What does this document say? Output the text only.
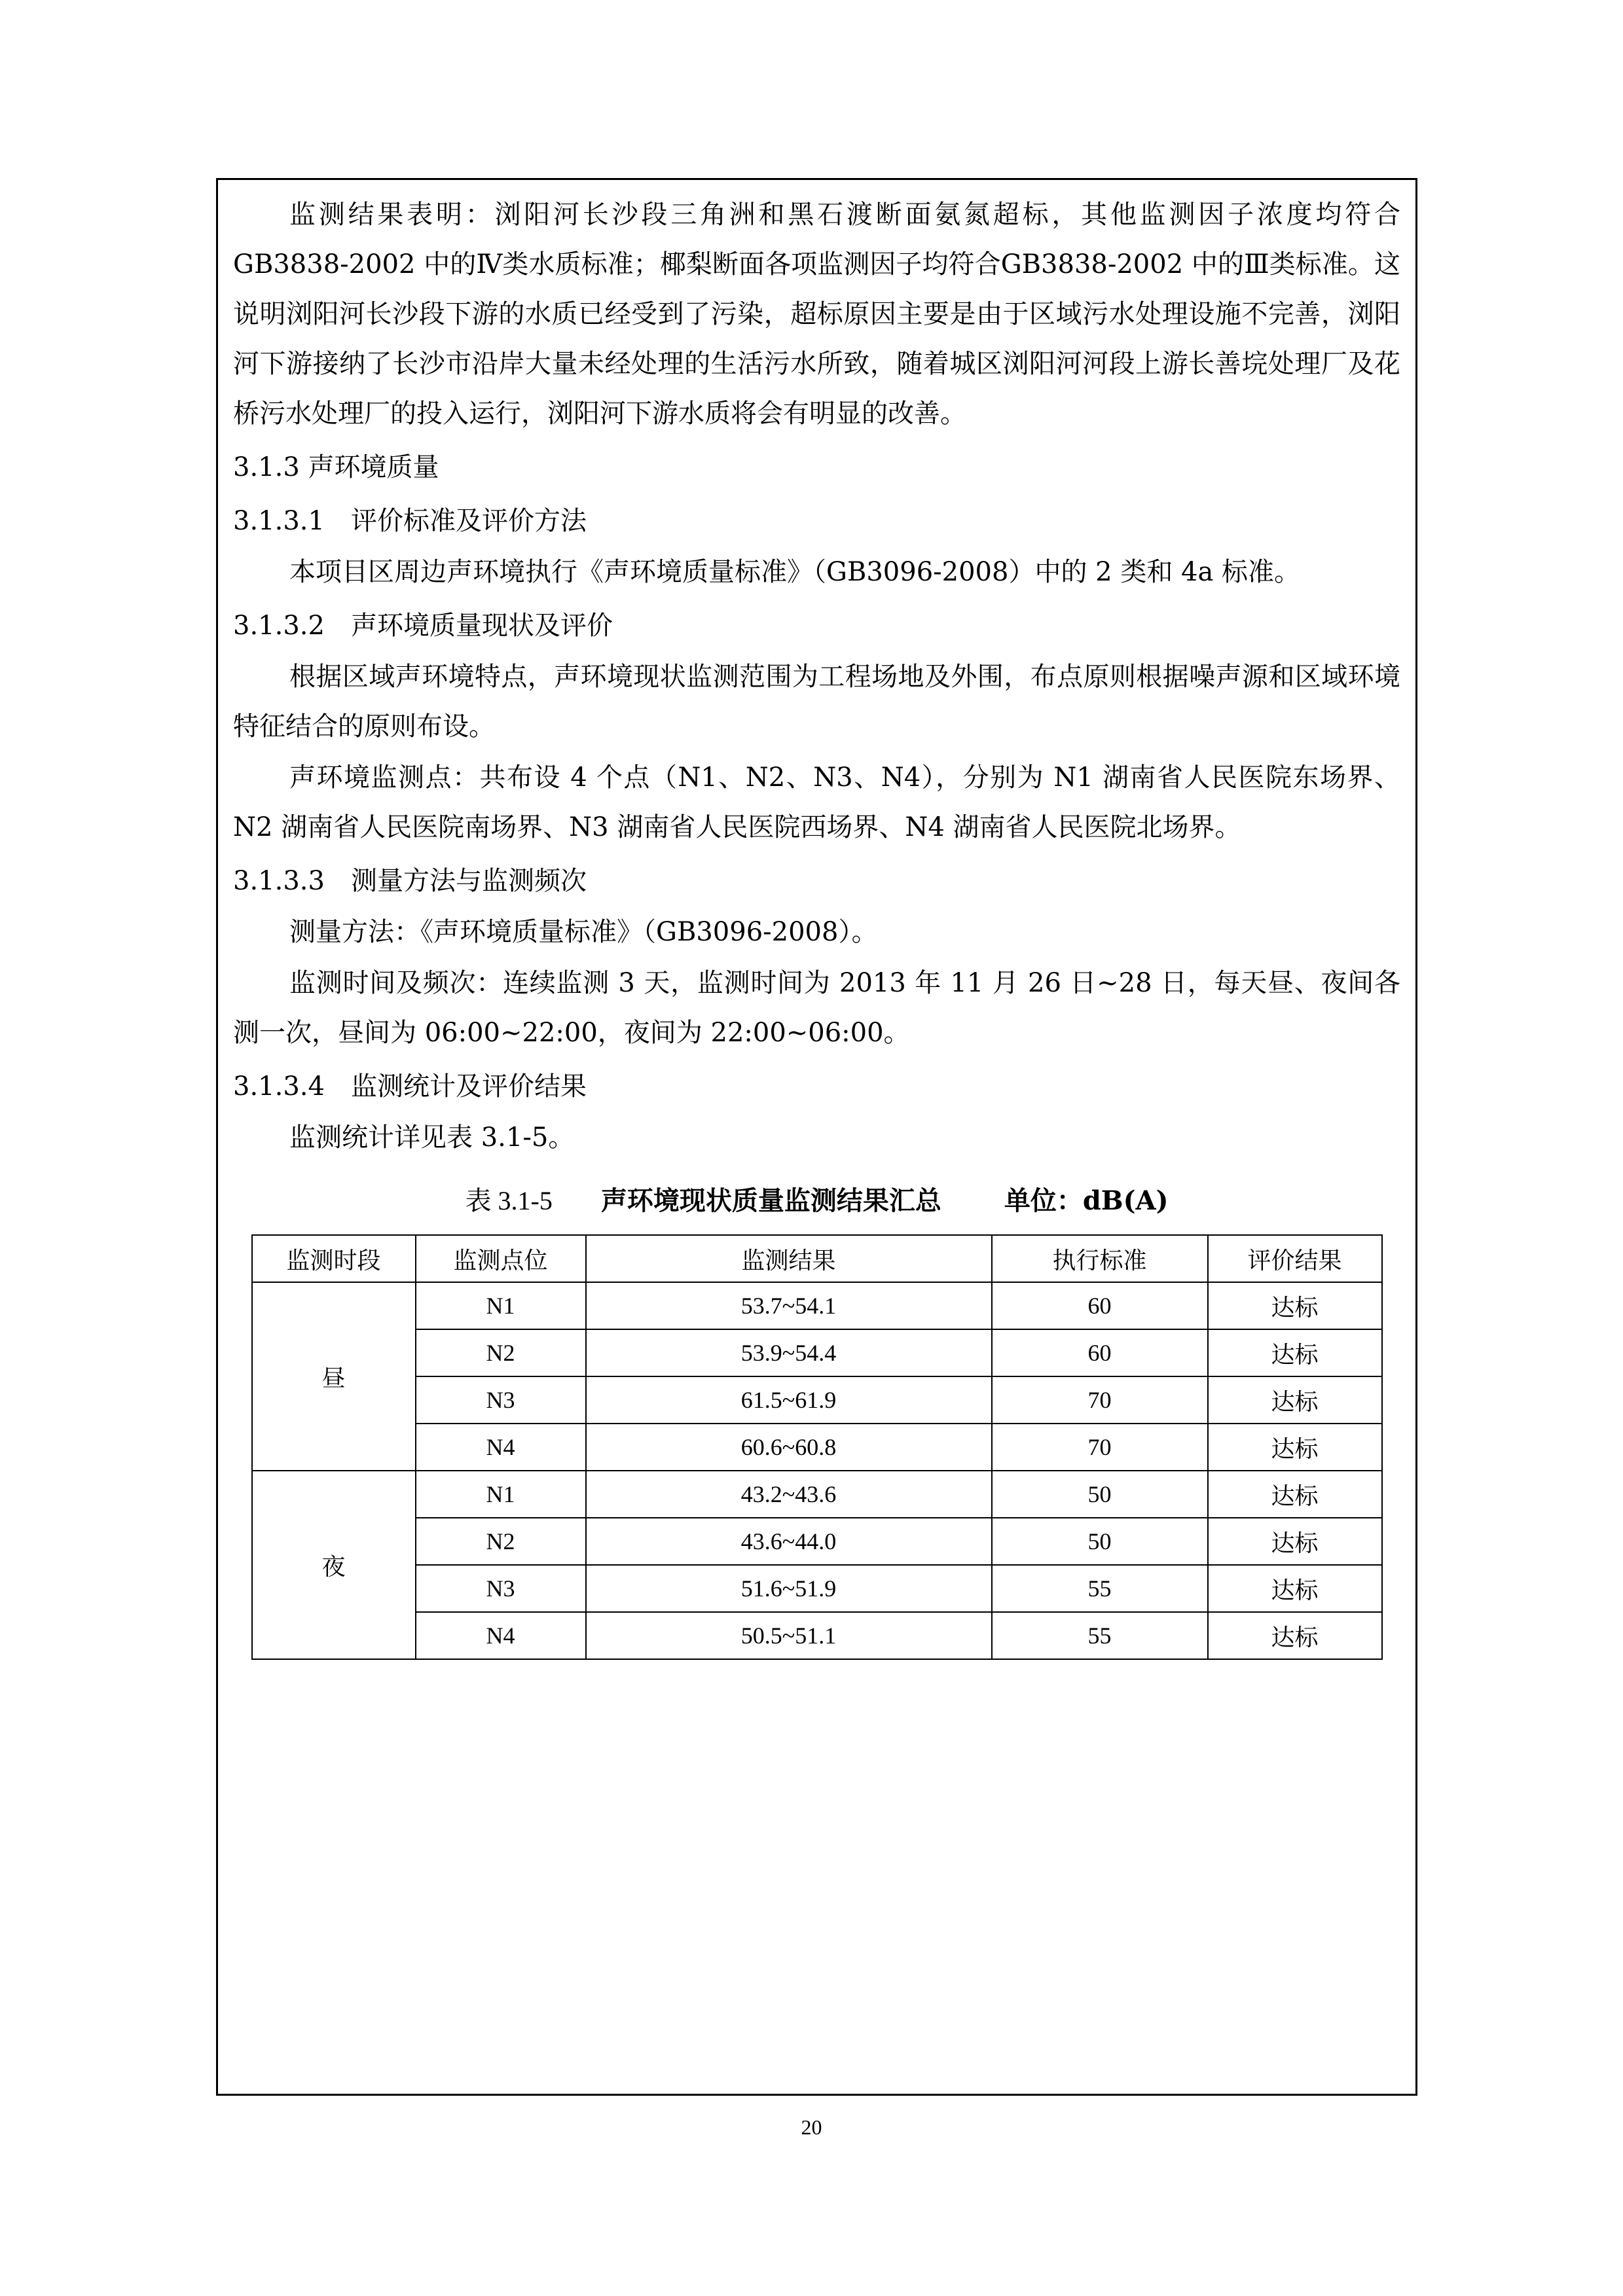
监测结果表明：浏阳河长沙段三角洲和黑石渡断面氨氮超标，其他监测因子浓度均符合 GB3838-2002 中的Ⅳ类水质标准；椰梨断面各项监测因子均符合GB3838-2002 中的Ⅲ类标准。这说明浏阳河长沙段下游的水质已经受到了污染，超标原因主要是由于区域污水处理设施不完善，浏阳河下游接纳了长沙市沿岸大量未经处理的生活污水所致，随着城区浏阳河河段上游长善垸处理厂及花桥污水处理厂的投入运行，浏阳河下游水质将会有明显的改善。

3.1.3 声环境质量
3.1.3.1　评价标准及评价方法

本项目区周边声环境执行《声环境质量标准》（GB3096-2008）中的 2 类和 4a 标准。

3.1.3.2　声环境质量现状及评价

根据区域声环境特点，声环境现状监测范围为工程场地及外围，布点原则根据噪声源和区域环境特征结合的原则布设。

声环境监测点：共布设 4 个点（N1、N2、N3、N4），分别为 N1 湖南省人民医院东场界、N2 湖南省人民医院南场界、N3 湖南省人民医院西场界、N4 湖南省人民医院北场界。

3.1.3.3　测量方法与监测频次

测量方法：《声环境质量标准》（GB3096-2008）。

监测时间及频次：连续监测 3 天，监测时间为 2013 年 11 月 26 日~28 日，每天昼、夜间各测一次，昼间为 06:00~22:00，夜间为 22:00~06:00。

3.1.3.4　监测统计及评价结果

监测统计详见表 3.1-5。

表 3.1-5 声环境现状质量监测结果汇总 单位：dB(A)
监测时段	监测点位	监测结果	执行标准	评价结果
昼	N1	53.7~54.1	60	达标
	N2	53.9~54.4	60	达标
	N3	61.5~61.9	70	达标
	N4	60.6~60.8	70	达标
夜	N1	43.2~43.6	50	达标
	N2	43.6~44.0	50	达标
	N3	51.6~51.9	55	达标
	N4	50.5~51.1	55	达标
20
